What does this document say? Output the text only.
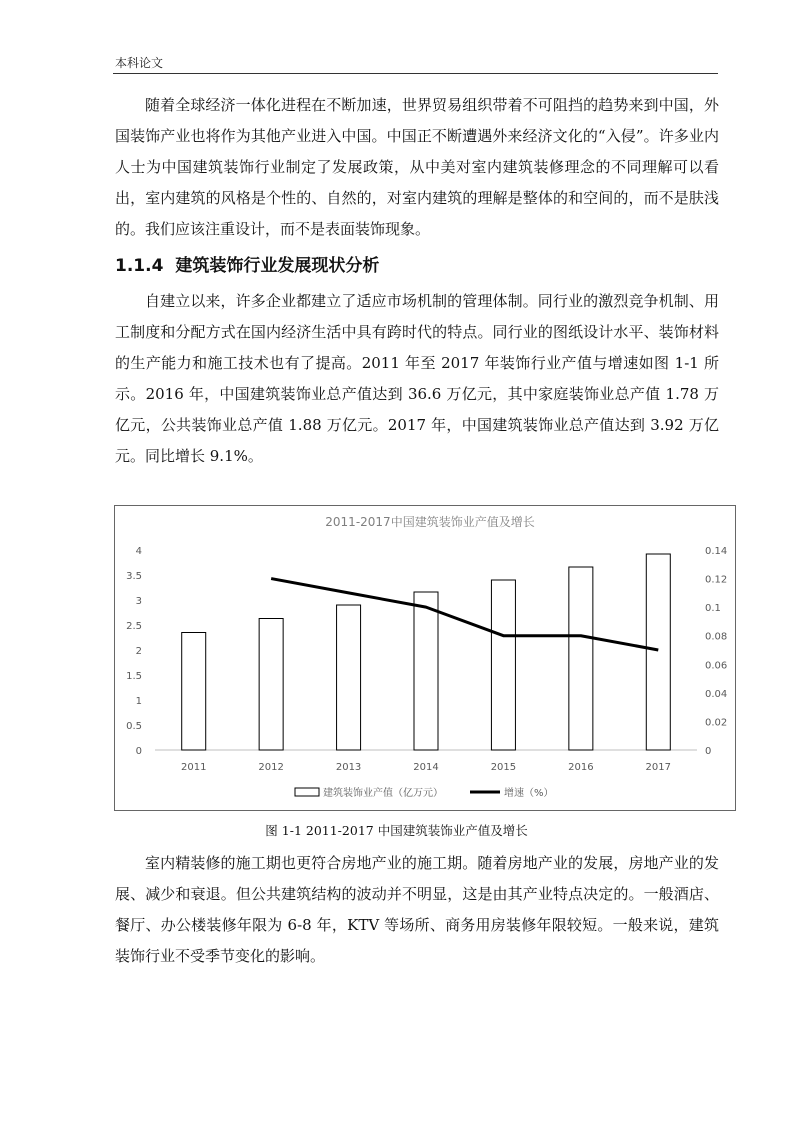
本科论文

随着全球经济一体化进程在不断加速，世界贸易组织带着不可阻挡的趋势来到中国，外国装饰产业也将作为其他产业进入中国。中国正不断遭遇外来经济文化的“入侵”。许多业内人士为中国建筑装饰行业制定了发展政策，从中美对室内建筑装修理念的不同理解可以看出，室内建筑的风格是个性的、自然的，对室内建筑的理解是整体的和空间的，而不是肤浅的。我们应该注重设计，而不是表面装饰现象。

1.1.4 建筑装饰行业发展现状分析

自建立以来，许多企业都建立了适应市场机制的管理体制。同行业的激烈竞争机制、用工制度和分配方式在国内经济生活中具有跨时代的特点。同行业的图纸设计水平、装饰材料的生产能力和施工技术也有了提高。2011 年至 2017 年装饰行业产值与增速如图 1-1 所示。2016 年，中国建筑装饰业总产值达到 36.6 万亿元，其中家庭装饰业总产值 1.78 万亿元，公共装饰业总产值 1.88 万亿元。2017 年，中国建筑装饰业总产值达到 3.92 万亿元。同比增长 9.1%。

2011-2017中国建筑装饰业产值及增长
0
0.5
1
1.5
2
2.5
3
3.5
4
0
0.02
0.04
0.06
0.08
0.1
0.12
0.14
2011	2012	2013	2014	2015	2016	2017
建筑装饰业产值（亿万元）	增速（%）

图 1-1 2011-2017 中国建筑装饰业产值及增长

室内精装修的施工期也更符合房地产业的施工期。随着房地产业的发展，房地产业的发展、减少和衰退。但公共建筑结构的波动并不明显，这是由其产业特点决定的。一般酒店、餐厅、办公楼装修年限为 6-8 年，KTV 等场所、商务用房装修年限较短。一般来说，建筑装饰行业不受季节变化的影响。
